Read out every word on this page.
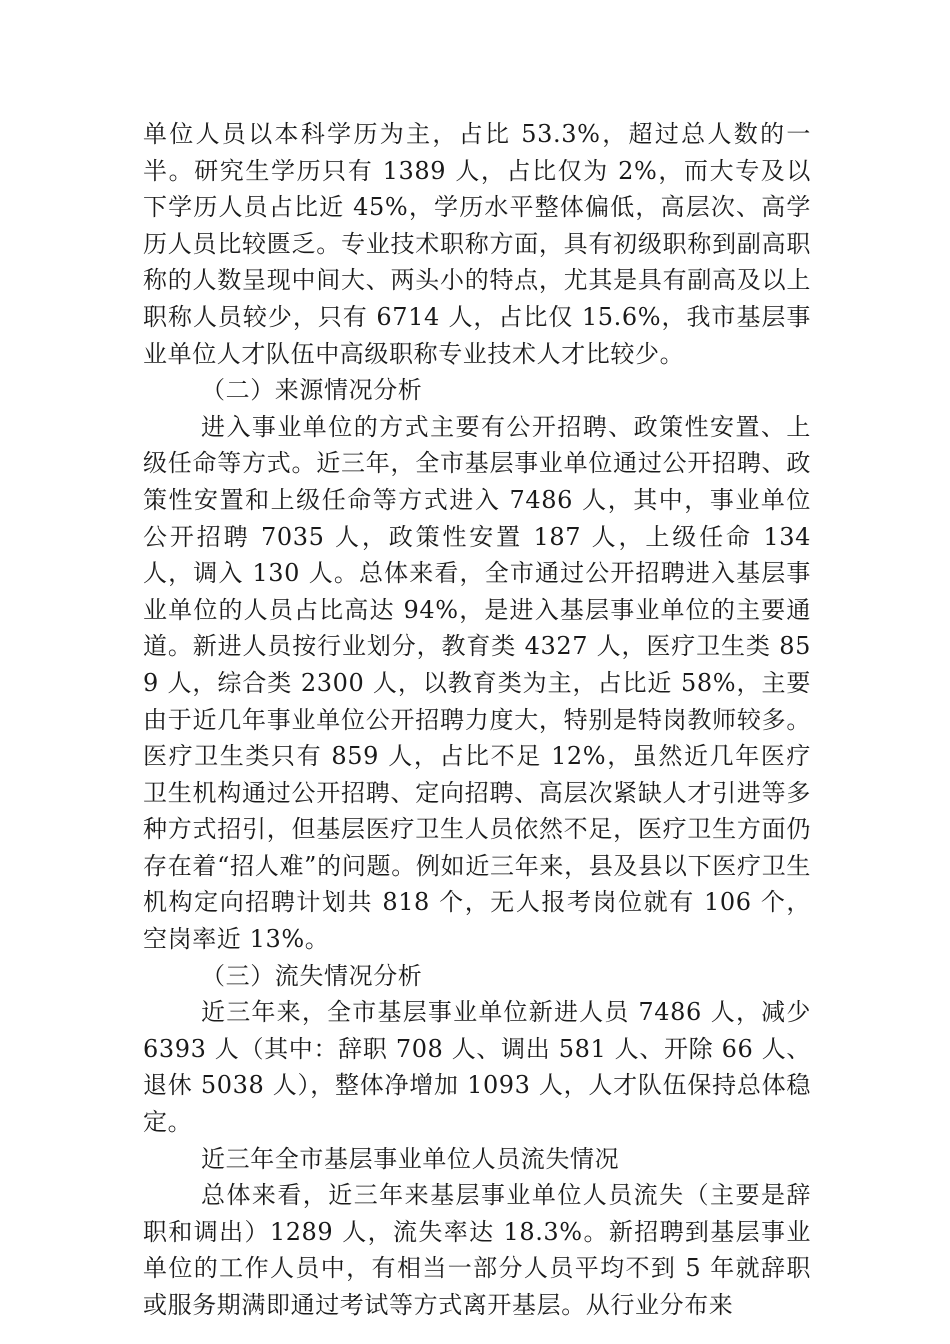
单位人员以本科学历为主，占比 53.3%，超过总人数的一半。研究生学历只有 1389 人，占比仅为 2%，而大专及以下学历人员占比近 45%，学历水平整体偏低，高层次、高学历人员比较匮乏。专业技术职称方面，具有初级职称到副高职称的人数呈现中间大、两头小的特点，尤其是具有副高及以上职称人员较少，只有 6714 人，占比仅 15.6%，我市基层事业单位人才队伍中高级职称专业技术人才比较少。

（二）来源情况分析

进入事业单位的方式主要有公开招聘、政策性安置、上级任命等方式。近三年，全市基层事业单位通过公开招聘、政策性安置和上级任命等方式进入 7486 人，其中，事业单位公开招聘 7035 人，政策性安置 187 人，上级任命 134 人，调入 130 人。总体来看，全市通过公开招聘进入基层事业单位的人员占比高达 94%，是进入基层事业单位的主要通道。新进人员按行业划分，教育类 4327 人，医疗卫生类 859 人，综合类 2300 人，以教育类为主，占比近 58%，主要由于近几年事业单位公开招聘力度大，特别是特岗教师较多。医疗卫生类只有 859 人，占比不足 12%，虽然近几年医疗卫生机构通过公开招聘、定向招聘、高层次紧缺人才引进等多种方式招引，但基层医疗卫生人员依然不足，医疗卫生方面仍存在着“招人难”的问题。例如近三年来，县及县以下医疗卫生机构定向招聘计划共 818 个，无人报考岗位就有 106 个，空岗率近 13%。

（三）流失情况分析

近三年来，全市基层事业单位新进人员 7486 人，减少 6393 人（其中：辞职 708 人、调出 581 人、开除 66 人、退休 5038 人），整体净增加 1093 人，人才队伍保持总体稳定。

近三年全市基层事业单位人员流失情况

总体来看，近三年来基层事业单位人员流失（主要是辞职和调出）1289 人，流失率达 18.3%。新招聘到基层事业单位的工作人员中，有相当一部分人员平均不到 5 年就辞职或服务期满即通过考试等方式离开基层。从行业分布来
